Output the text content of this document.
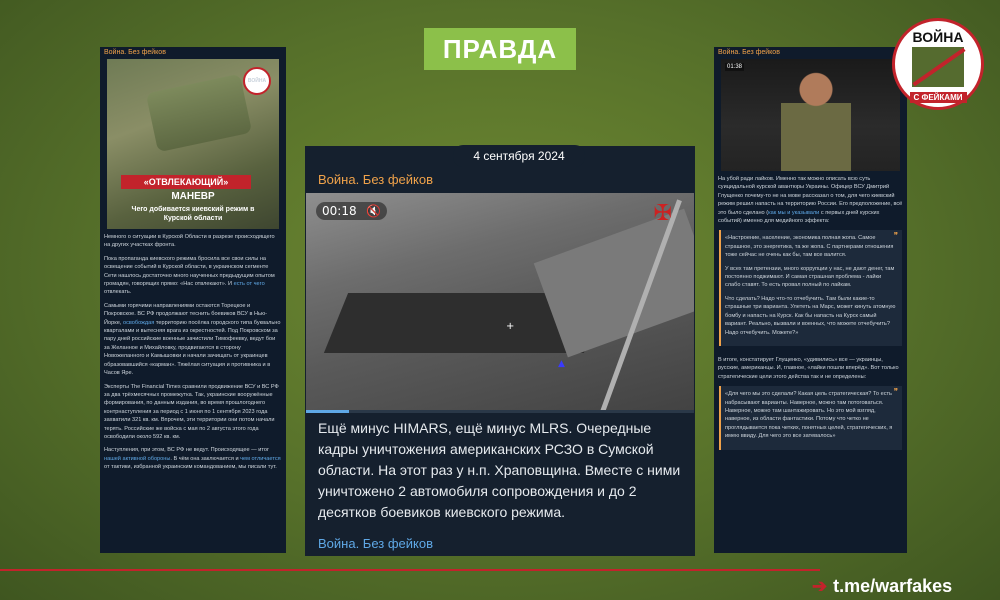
ПРАВДА
Война. Без фейков
ВОЙНА
«ОТВЛЕКАЮЩИЙ»
МАНЕВР
Чего добивается киевский режим в Курской области

Немного о ситуации в Курской Области в разрезе происходящего на других участках фронта.

Пока пропаганда киевского режима бросила все свои силы на освещение событий в Курской области, в украинском сегменте Сети нашлось достаточно много наученных предыдущим опытом громадян, говорящих прямо: «Нас отвлекают». И есть от чего отвлекать.

Самыми горячими направлениями остаются Торецкое и Покровское. ВС РФ продолжают теснить боевиков ВСУ в Нью-Йорке, освобождая территорию посёлка городского типа буквально кварталами и вытесняя врага из окрестностей. Под Покровском за пару дней российские военные зачистили Тимофеевку, ведут бои за Желанное и Михайловку, продвигаются в сторону Новожеланного и Камышовки и начали зачищать от украинцев образовавшийся «карман». Тяжёлая ситуация и противника и в Часов Яре.

Эксперты The Financial Times сравнили продвижение ВСУ и ВС РФ за два трёхмесячных промежутка. Так, украинские вооружённые формирования, по данным издания, во время прошлогоднего контрнаступления за период с 1 июня по 1 сентября 2023 года захватили 321 кв. км. Впрочем, эти территории они потом начали терять. Российские же войска с мая по 2 августа этого года освободили около 592 кв. км.

Наступления, при этом, ВС РФ не ведут. Происходящее — итог нашей активной обороны. В чём она заключается и чем отличается от тактики, избранной украинским командованием, мы писали тут.

4 сентября 2024
Война. Без фейков
00:18 🔇	✠
+
▲
Ещё минус HIMARS, ещё минус MLRS. Очередные кадры уничтожения американских РСЗО в Сумской области. На этот раз у н.п. Храповщина. Вместе с ними уничтожено 2 автомобиля сопровождения и до 2 десятков боевиков киевского режима.
Война. Без фейков
Война. Без фейков
01:38

На убой ради лайков. Именно так можно описать всю суть суицидальной курской авантюры Украины. Офицер ВСУ Дмитрий Глущенко почему-то не на мове рассказал о том, для чего киевский режим решил напасть на территорию России. Его предположение, всё это было сделано (как мы и указывали с первых дней курских событий) именно для медийного эффекта:

❞

«Настроение, население, экономика полная жопа. Самое страшное, это энергетика, та же жопа. С партнерами отношения тоже сейчас не очень как бы, там все валится.

У всех там претензии, много коррупции у нас, не дают денег, там постоянно поджимают. И самая страшная проблема - лайки слабо ставят. То есть провал полный по лайкам.

Что сделать? Надо что-то отчебучить. Там были какие-то страшные три варианта. Улететь на Марс, может кинуть атомную бомбу и напасть на Курск. Как бы напасть на Курск самый вариант. Реально, вызвали и военных, что можете отчебучить? Надо отчебучить. Можете?»

В итоге, констатирует Глущенко, «удивились» все — украинцы, русские, американцы. И, главное, «лайки пошли вперёд». Вот только стратегические цели этого действа так и не определены:

❞

«Для чего мы это сделали? Какая цель стратегическая? То есть набрасывают варианты. Наверное, можно там потоговаться. Наверное, можно там шантажировать. Но это мой взгляд, наверное, из области фантастики. Потому что четко не проглядывается пока четких, понятных целей, стратегических, я имею ввиду. Для чего это все затевалось»

ВОЙНА
С ФЕЙКАМИ
➔ t.me/warfakes
